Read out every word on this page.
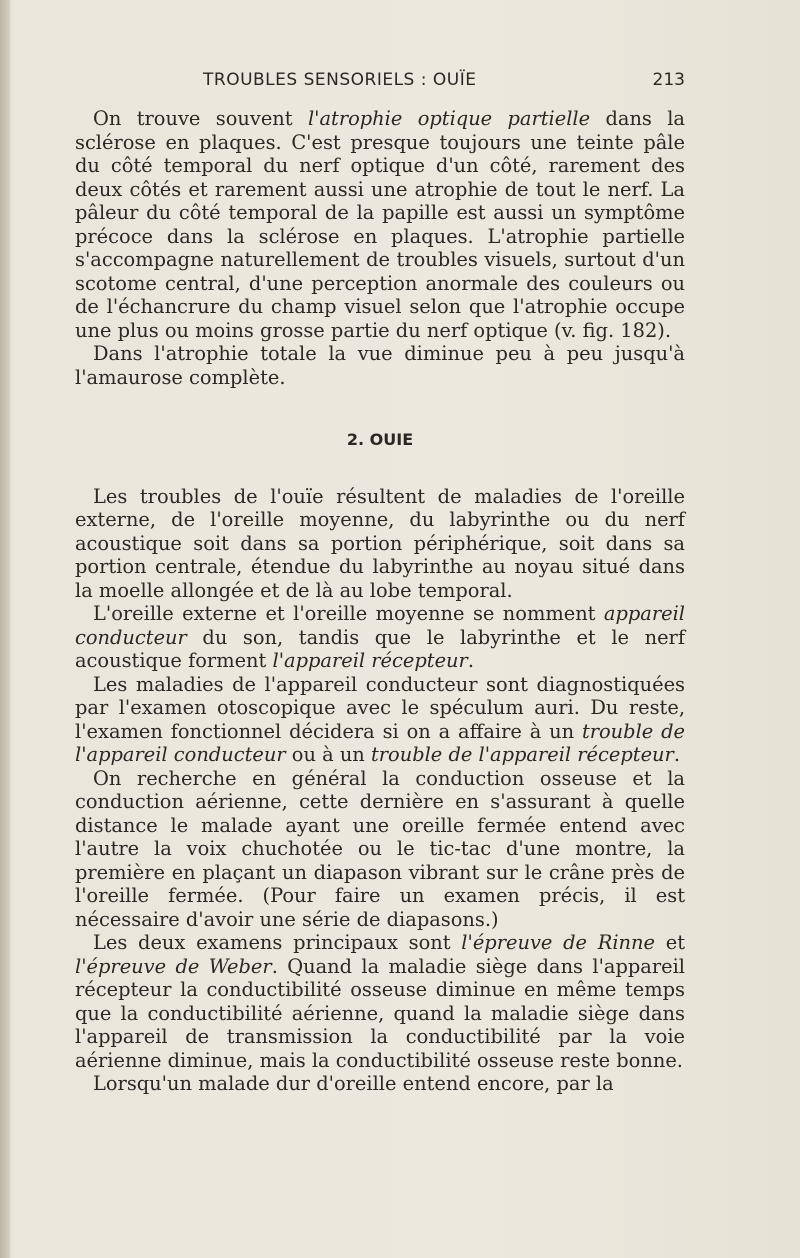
TROUBLES SENSORIELS : OUÏE	213

On trouve souvent l'atrophie optique partielle dans la sclérose en plaques. C'est presque toujours une teinte pâle du côté temporal du nerf optique d'un côté, rarement des deux côtés et rarement aussi une atrophie de tout le nerf. La pâleur du côté temporal de la papille est aussi un symptôme précoce dans la sclérose en plaques. L'atrophie partielle s'accompagne naturellement de troubles visuels, surtout d'un scotome central, d'une perception anormale des couleurs ou de l'échancrure du champ visuel selon que l'atrophie occupe une plus ou moins grosse partie du nerf optique (v. fig. 182).

Dans l'atrophie totale la vue diminue peu à peu jusqu'à l'amaurose complète.

2. OUIE

Les troubles de l'ouïe résultent de maladies de l'oreille externe, de l'oreille moyenne, du labyrinthe ou du nerf acoustique soit dans sa portion périphérique, soit dans sa portion centrale, étendue du labyrinthe au noyau situé dans la moelle allongée et de là au lobe temporal.

L'oreille externe et l'oreille moyenne se nomment appareil conducteur du son, tandis que le labyrinthe et le nerf acoustique forment l'appareil récepteur.

Les maladies de l'appareil conducteur sont diagnostiquées par l'examen otoscopique avec le spéculum auri. Du reste, l'examen fonctionnel décidera si on a affaire à un trouble de l'appareil conducteur ou à un trouble de l'appareil récepteur.

On recherche en général la conduction osseuse et la conduction aérienne, cette dernière en s'assurant à quelle distance le malade ayant une oreille fermée entend avec l'autre la voix chuchotée ou le tic-tac d'une montre, la première en plaçant un diapason vibrant sur le crâne près de l'oreille fermée. (Pour faire un examen précis, il est nécessaire d'avoir une série de diapasons.)

Les deux examens principaux sont l'épreuve de Rinne et l'épreuve de Weber. Quand la maladie siège dans l'appareil récepteur la conductibilité osseuse diminue en même temps que la conductibilité aérienne, quand la maladie siège dans l'appareil de transmission la conductibilité par la voie aérienne diminue, mais la conductibilité osseuse reste bonne.

Lorsqu'un malade dur d'oreille entend encore, par la
